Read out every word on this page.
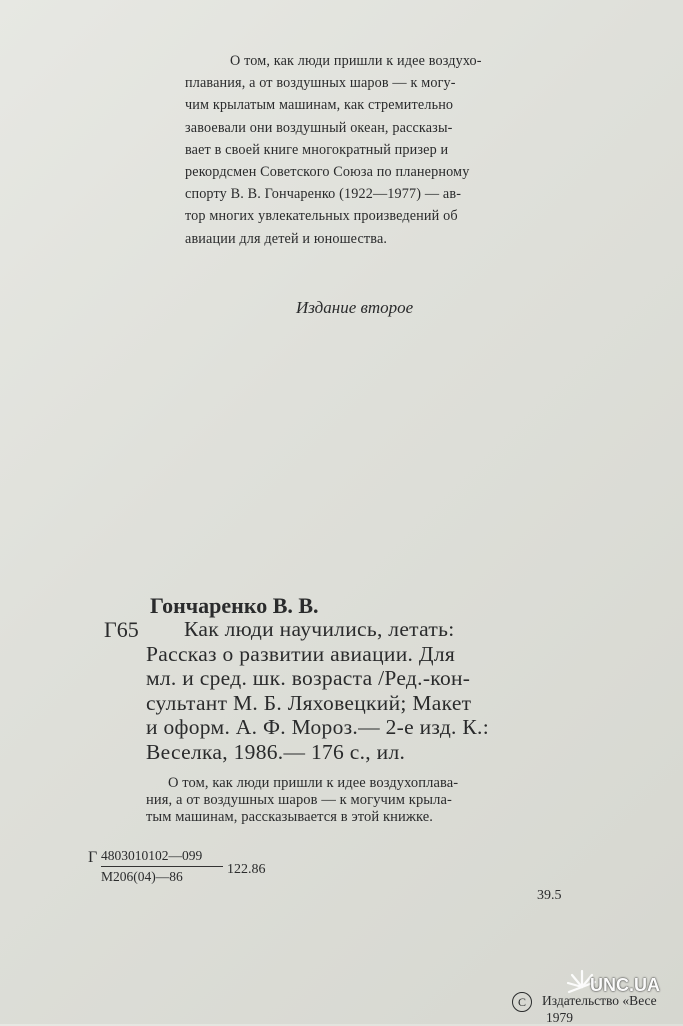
О том, как люди пришли к идее воздухо-

плавания, а от воздушных шаров — к могу-

чим крылатым машинам, как стремительно

завоевали они воздушный океан, рассказы-

вает в своей книге многократный призер и

рекордсмен Советского Союза по планерному

спорту В. В. Гончаренко (1922—1977) — ав-

тор многих увлекательных произведений об

авиации для детей и юношества.

Издание второе
Гончаренко В. В.
Г65	Как люди научились, летать:

Рассказ о развитии авиации. Для

мл. и сред. шк. возраста /Ред.-кон-

сультант М. Б. Ляховецкий; Макет

и оформ. А. Ф. Мороз.— 2-е изд. К.:

Веселка, 1986.— 176 с., ил.

О том, как люди пришли к идее воздухоплава-

ния, а от воздушных шаров — к могучим крыла-

тым машинам, рассказывается в этой книжке.

Г 4803010102—099
М206(04)—86	122.86
39.5
C Издательство «Весе
1979
UNC.UA
